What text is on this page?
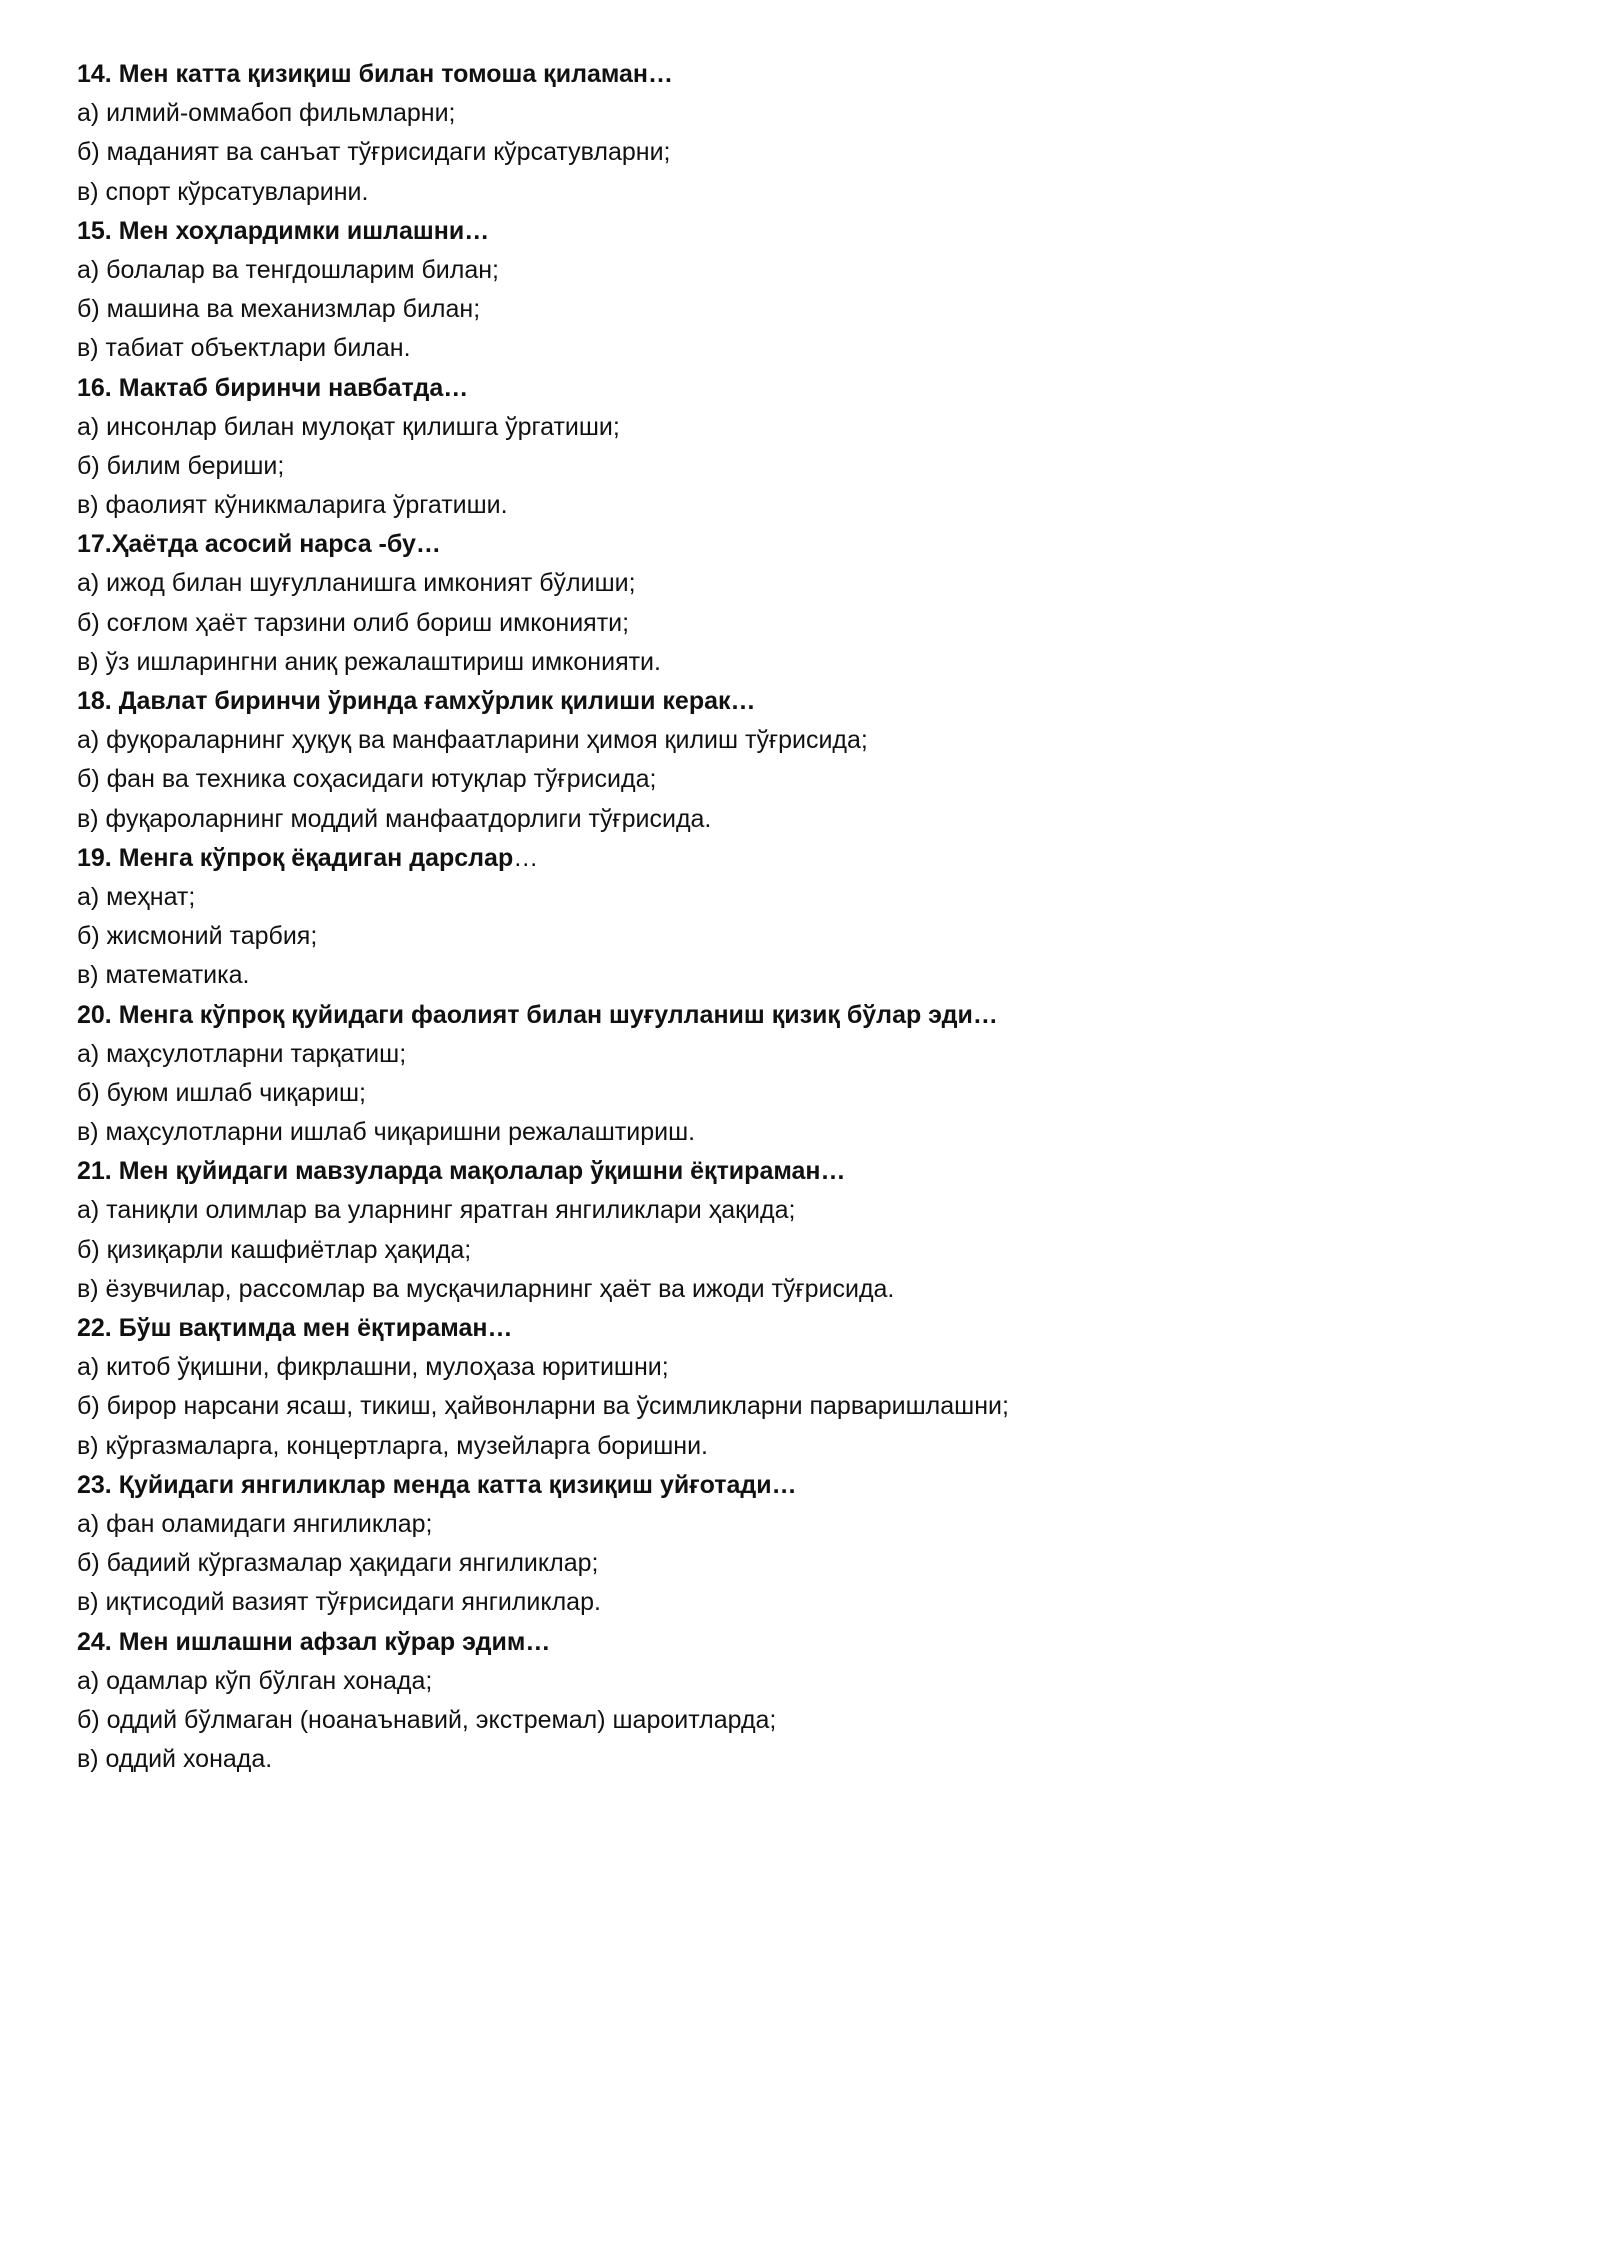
14. Мен катта қизиқиш билан томоша қиламан…
а) илмий-оммабоп фильмларни;
б) маданият ва санъат тўғрисидаги кўрсатувларни;
в) спорт кўрсатувларини.
15. Мен хоҳлардимки ишлашни…
а) болалар ва тенгдошларим билан;
б) машина ва механизмлар билан;
в) табиат объектлари билан.
16. Мактаб биринчи навбатда…
а) инсонлар билан мулоқат қилишга ўргатиши;
б) билим бериши;
в) фаолият кўникмаларига ўргатиши.
17.Ҳаётда асосий нарса -бу…
а) ижод билан шуғулланишга имконият бўлиши;
б) соғлом ҳаёт тарзини олиб бориш имконияти;
в) ўз ишларингни аниқ режалаштириш имконияти.
18. Давлат биринчи ўринда ғамхўрлик қилиши керак…
а) фуқораларнинг ҳуқуқ ва манфаатларини ҳимоя қилиш тўғрисида;
б) фан ва техника соҳасидаги ютуқлар тўғрисида;
в) фуқароларнинг моддий манфаатдорлиги тўғрисида.
19. Менга кўпроқ ёқадиган дарслар…
а) меҳнат;
б) жисмоний тарбия;
в) математика.
20. Менга кўпроқ қуйидаги фаолият билан шуғулланиш қизиқ бўлар эди…
а) маҳсулотларни тарқатиш;
б) буюм ишлаб чиқариш;
в) маҳсулотларни ишлаб чиқаришни режалаштириш.
21. Мен қуйидаги мавзуларда мақолалар ўқишни ёқтираман…
а) таниқли олимлар ва уларнинг яратган янгиликлари ҳақида;
б) қизиқарли кашфиётлар ҳақида;
в) ёзувчилар, рассомлар ва мусқачиларнинг ҳаёт ва ижоди тўғрисида.
22. Бўш вақтимда мен ёқтираман…
а) китоб ўқишни, фикрлашни, мулоҳаза юритишни;
б) бирор нарсани ясаш, тикиш, ҳайвонларни ва ўсимликларни парваришлашни;
в) кўргазмаларга, концертларга, музейларга боришни.
23. Қуйидаги янгиликлар менда катта қизиқиш уйғотади…
а) фан оламидаги янгиликлар;
б) бадиий кўргазмалар ҳақидаги янгиликлар;
в) иқтисодий вазият тўғрисидаги янгиликлар.
24. Мен ишлашни афзал кўрар эдим…
а) одамлар кўп бўлган хонада;
б) оддий бўлмаган (ноанаънавий, экстремал) шароитларда;
в) оддий хонада.
